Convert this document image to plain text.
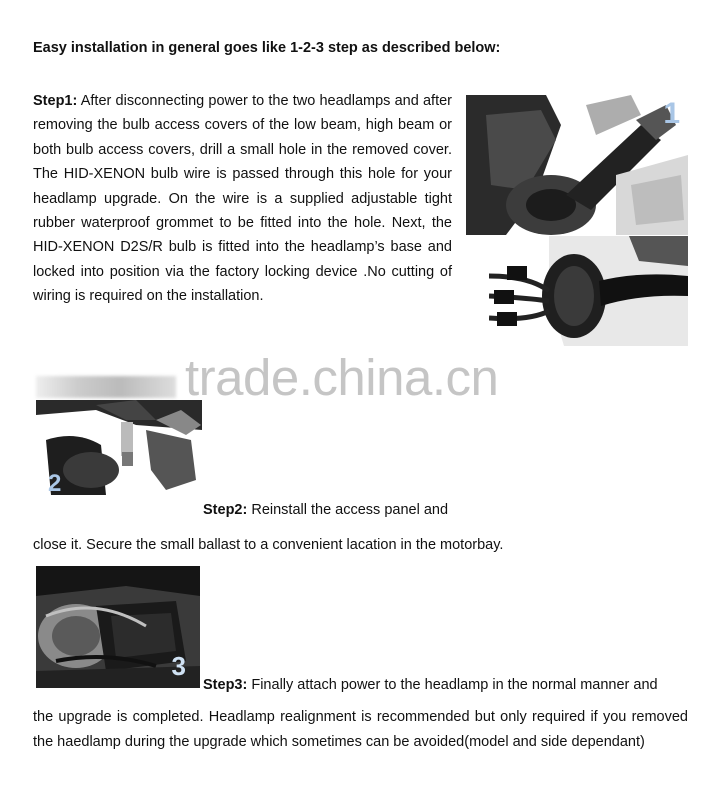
Easy installation in general goes like 1-2-3 step as described below:
Step1: After disconnecting power to the two headlamps and after removing the bulb access covers of the low beam, high beam or both bulb access covers, drill a small hole in the removed cover. The HID-XENON bulb wire is passed through this hole for your headlamp upgrade. On the wire is a supplied adjustable tight rubber waterproof grommet to be fitted into the hole. Next, the HID-XENON D2S/R bulb is fitted into the headlamp’s base and locked into position via the factory locking device .No cutting of wiring is required on the installation.
1
2
Step2: Reinstall the access panel and
close it. Secure the small ballast to a convenient lacation in the motorbay.
3
Step3: Finally attach power to the headlamp in the normal manner and
the upgrade is completed. Headlamp realignment is recommended but only required if you removed the haedlamp during the upgrade which sometimes can be avoided(model and side dependant)
trade.china.cn
